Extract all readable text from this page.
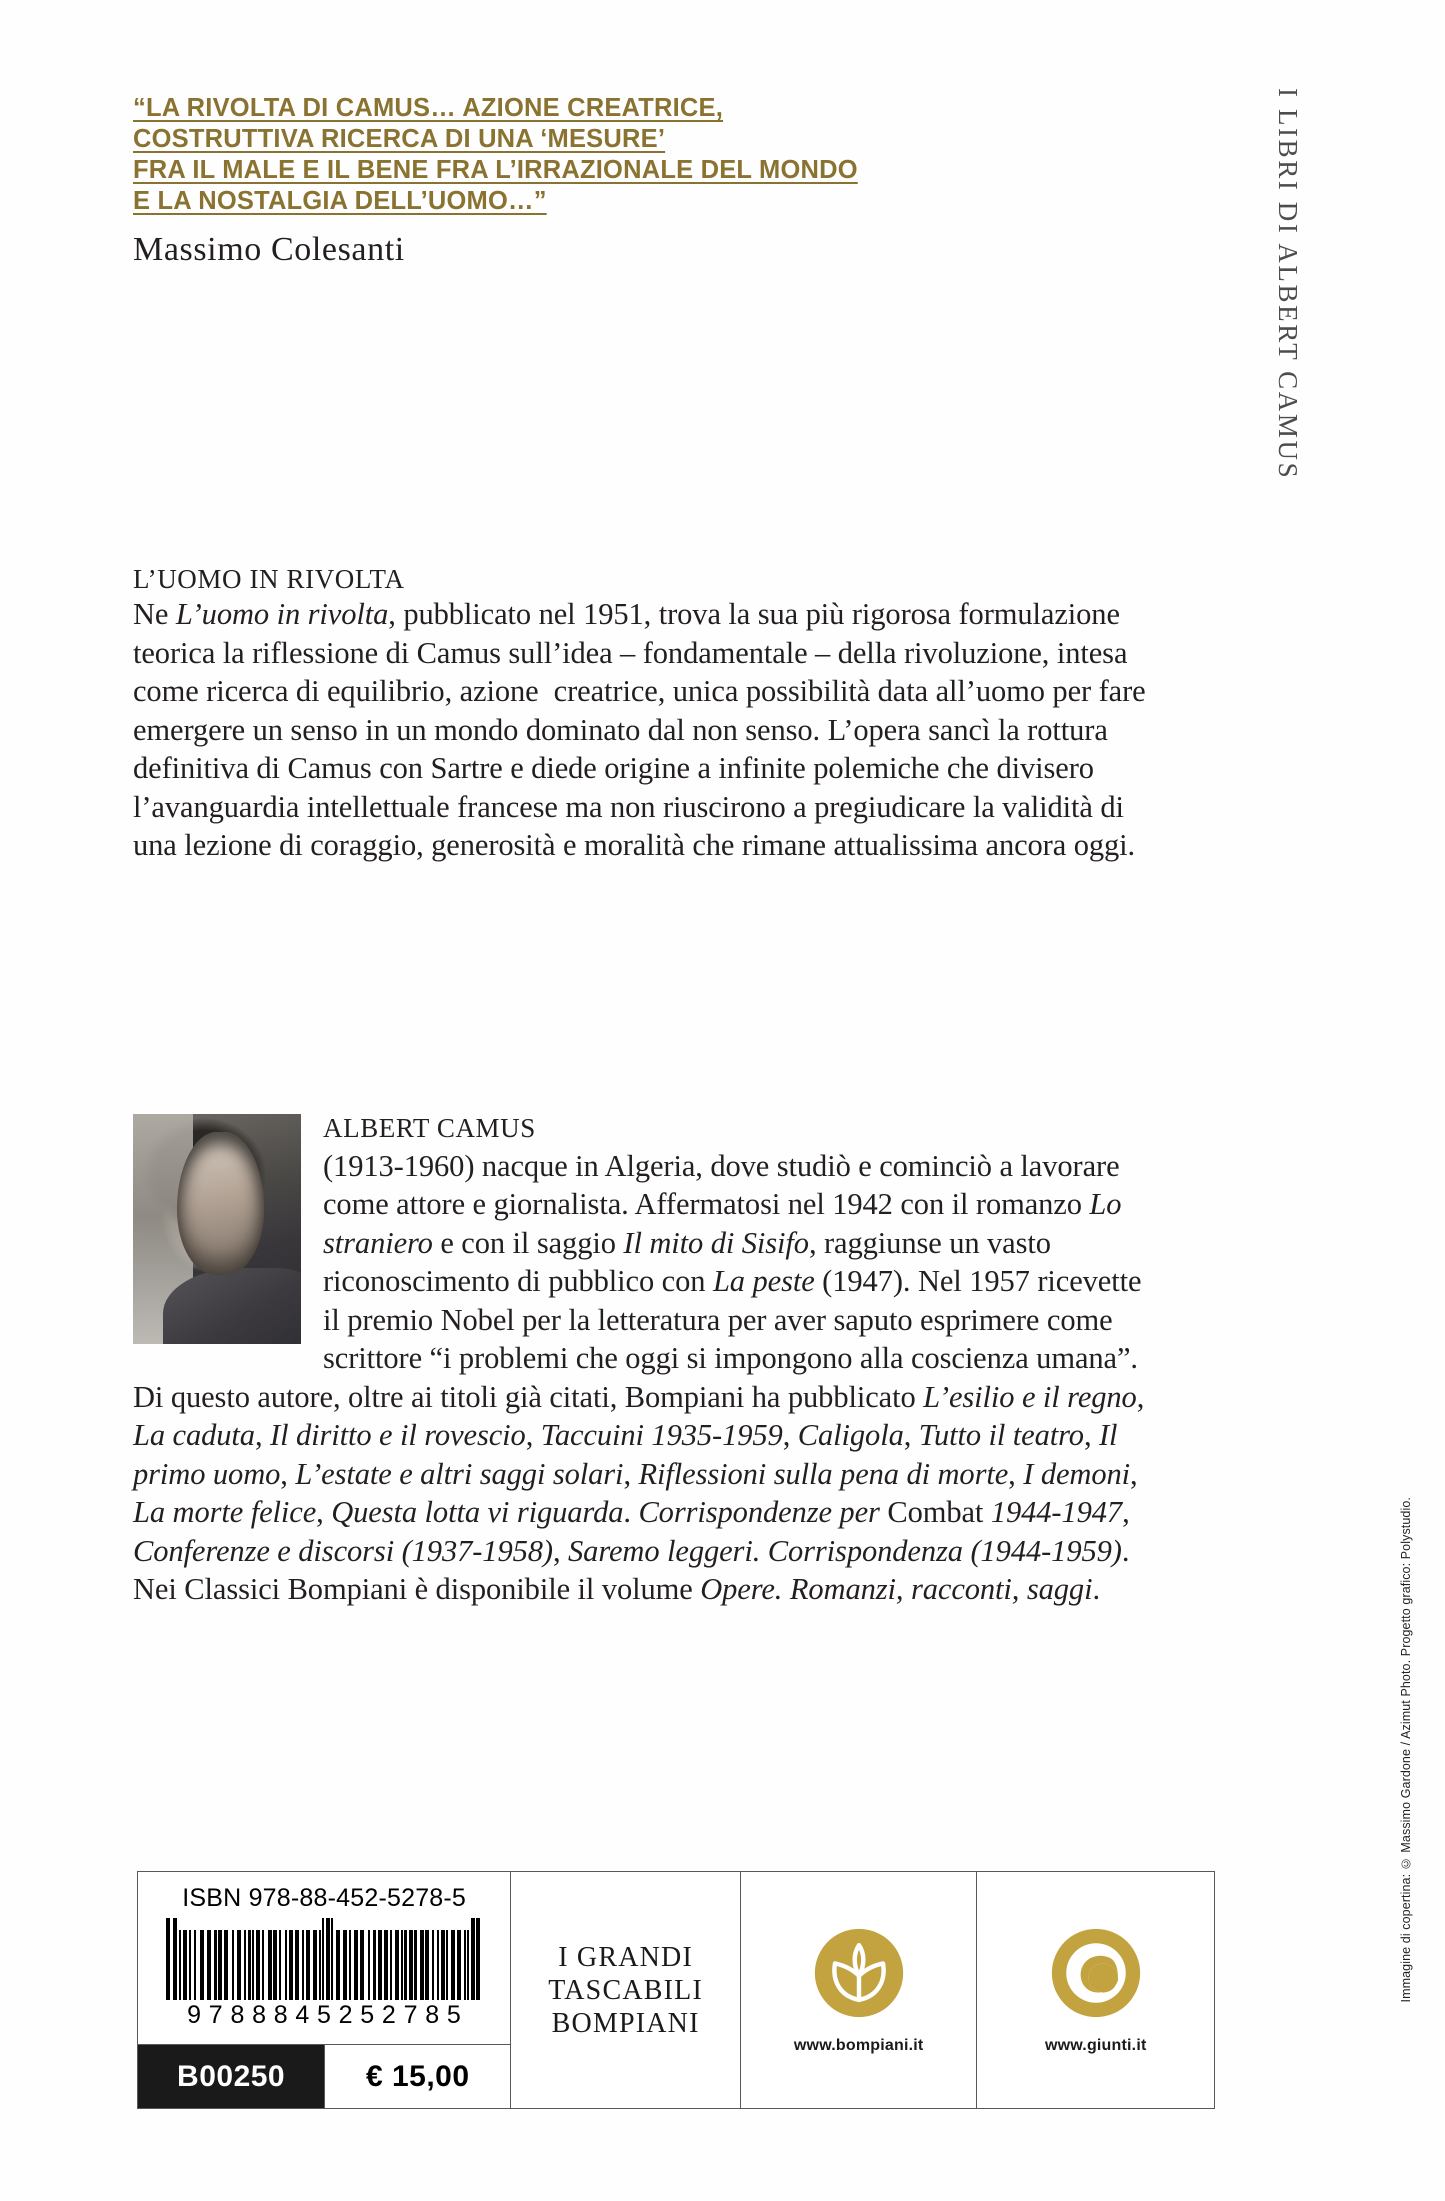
“LA RIVOLTA DI CAMUS… AZIONE CREATRICE,
COSTRUTTIVA RICERCA DI UNA ‘MESURE’
FRA IL MALE E IL BENE FRA L’IRRAZIONALE DEL MONDO
E LA NOSTALGIA DELL’UOMO…”
Massimo Colesanti	I LIBRI DI ALBERT CAMUS
Immagine di copertina: © Massimo Gardone / Azimut Photo. Progetto grafico: Polystudio.
L’UOMO IN RIVOLTA
Ne L’uomo in rivolta, pubblicato nel 1951, trova la sua più rigorosa formulazione teorica la riflessione di Camus sull’idea – fondamentale – della rivoluzione, intesa come ricerca di equilibrio, azione  creatrice, unica possibilità data all’uomo per fare emergere un senso in un mondo dominato dal non senso. L’opera sancì la rottura definitiva di Camus con Sartre e diede origine a infinite polemiche che divisero l’avanguardia intellettuale francese ma non riuscirono a pregiudicare la validità di una lezione di coraggio, generosità e moralità che rimane attualissima ancora oggi.
ALBERT CAMUS
(1913-1960) nacque in Algeria, dove studiò e cominciò a lavorare come attore e giornalista. Affermatosi nel 1942 con il romanzo Lo straniero e con il saggio Il mito di Sisifo, raggiunse un vasto riconoscimento di pubblico con La peste (1947). Nel 1957 ricevette il premio Nobel per la letteratura per aver saputo esprimere come scrittore “i problemi che oggi si impongono alla coscienza umana”. Di questo autore, oltre ai titoli già citati, Bompiani ha pubblicato L’esilio e il regno, La caduta, Il diritto e il rovescio, Taccuini 1935-1959, Caligola, Tutto il teatro, Il primo uomo, L’estate e altri saggi solari, Riflessioni sulla pena di morte, I demoni, La morte felice, Questa lotta vi riguarda. Corrispondenze per Combat 1944-1947, Conferenze e discorsi (1937-1958), Saremo leggeri. Corrispondenza (1944-1959). Nei Classici Bompiani è disponibile il volume Opere. Romanzi, racconti, saggi.
ISBN 978-88-452-5278-5
9 7 8 8 8 4 5 2 5 2 7 8 5
B00250	€ 15,00
I GRANDI
TASCABILI
BOMPIANI
www.bompiani.it	www.giunti.it
